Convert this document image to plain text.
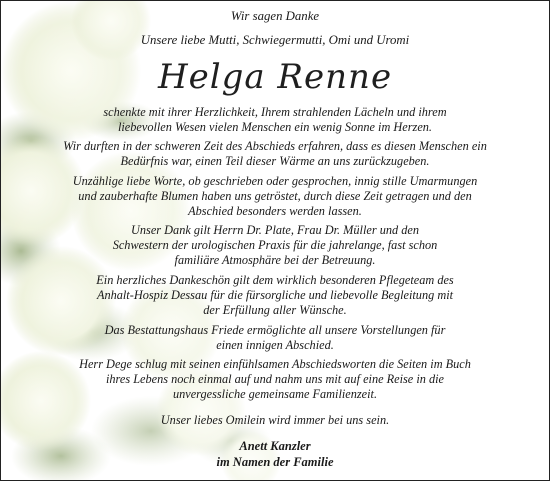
Wir sagen Danke
Unsere liebe Mutti, Schwiegermutti, Omi und Uromi
Helga Renne
schenkte mit ihrer Herzlichkeit, Ihrem strahlenden Lächeln und ihrem
liebevollen Wesen vielen Menschen ein wenig Sonne im Herzen.
Wir durften in der schweren Zeit des Abschieds erfahren, dass es diesen Menschen ein
Bedürfnis war, einen Teil dieser Wärme an uns zurückzugeben.
Unzählige liebe Worte, ob geschrieben oder gesprochen, innig stille Umarmungen
und zauberhafte Blumen haben uns getröstet, durch diese Zeit getragen und den
Abschied besonders werden lassen.
Unser Dank gilt Herrn Dr. Plate, Frau Dr. Müller und den
Schwestern der urologischen Praxis für die jahrelange, fast schon
familiäre Atmosphäre bei der Betreuung.
Ein herzliches Dankeschön gilt dem wirklich besonderen Pflegeteam des
Anhalt-Hospiz Dessau für die fürsorgliche und liebevolle Begleitung mit
der Erfüllung aller Wünsche.
Das Bestattungshaus Friede ermöglichte all unsere Vorstellungen für
einen innigen Abschied.
Herr Dege schlug mit seinen einfühlsamen Abschiedsworten die Seiten im Buch
ihres Lebens noch einmal auf und nahm uns mit auf eine Reise in die
unvergessliche gemeinsame Familienzeit.
Unser liebes Omilein wird immer bei uns sein.
Anett Kanzler
im Namen der Familie
